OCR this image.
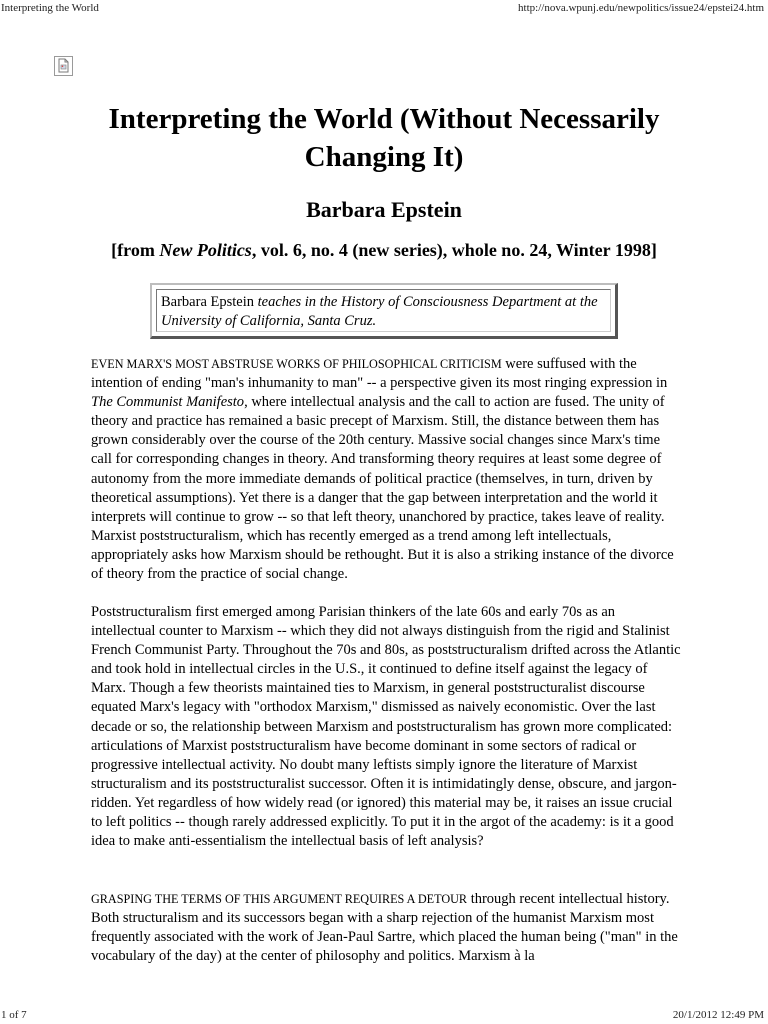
Interpreting the World	http://nova.wpunj.edu/newpolitics/issue24/epstei24.htm
Interpreting the World (Without Necessarily Changing It)
Barbara Epstein

[from New Politics, vol. 6, no. 4 (new series), whole no. 24, Winter 1998]

Barbara Epstein teaches in the History of Consciousness Department at the University of California, Santa Cruz.

EVEN MARX'S MOST ABSTRUSE WORKS OF PHILOSOPHICAL CRITICISM were suffused with the intention of ending "man's inhumanity to man" -- a perspective given its most ringing expression in The Communist Manifesto, where intellectual analysis and the call to action are fused. The unity of theory and practice has remained a basic precept of Marxism. Still, the distance between them has grown considerably over the course of the 20th century. Massive social changes since Marx's time call for corresponding changes in theory. And transforming theory requires at least some degree of autonomy from the more immediate demands of political practice (themselves, in turn, driven by theoretical assumptions). Yet there is a danger that the gap between interpretation and the world it interprets will continue to grow -- so that left theory, unanchored by practice, takes leave of reality. Marxist poststructuralism, which has recently emerged as a trend among left intellectuals, appropriately asks how Marxism should be rethought. But it is also a striking instance of the divorce of theory from the practice of social change.

Poststructuralism first emerged among Parisian thinkers of the late 60s and early 70s as an intellectual counter to Marxism -- which they did not always distinguish from the rigid and Stalinist French Communist Party. Throughout the 70s and 80s, as poststructuralism drifted across the Atlantic and took hold in intellectual circles in the U.S., it continued to define itself against the legacy of Marx. Though a few theorists maintained ties to Marxism, in general poststructuralist discourse equated Marx's legacy with "orthodox Marxism," dismissed as naively economistic. Over the last decade or so, the relationship between Marxism and poststructuralism has grown more complicated: articulations of Marxist poststructuralism have become dominant in some sectors of radical or progressive intellectual activity. No doubt many leftists simply ignore the literature of Marxist structuralism and its poststructuralist successor. Often it is intimidatingly dense, obscure, and jargon-ridden. Yet regardless of how widely read (or ignored) this material may be, it raises an issue crucial to left politics -- though rarely addressed explicitly. To put it in the argot of the academy: is it a good idea to make anti-essentialism the intellectual basis of left analysis?

GRASPING THE TERMS OF THIS ARGUMENT REQUIRES A DETOUR through recent intellectual history. Both structuralism and its successors began with a sharp rejection of the humanist Marxism most frequently associated with the work of Jean-Paul Sartre, which placed the human being ("man" in the vocabulary of the day) at the center of philosophy and politics. Marxism à la

1 of 7	20/1/2012 12:49 PM
